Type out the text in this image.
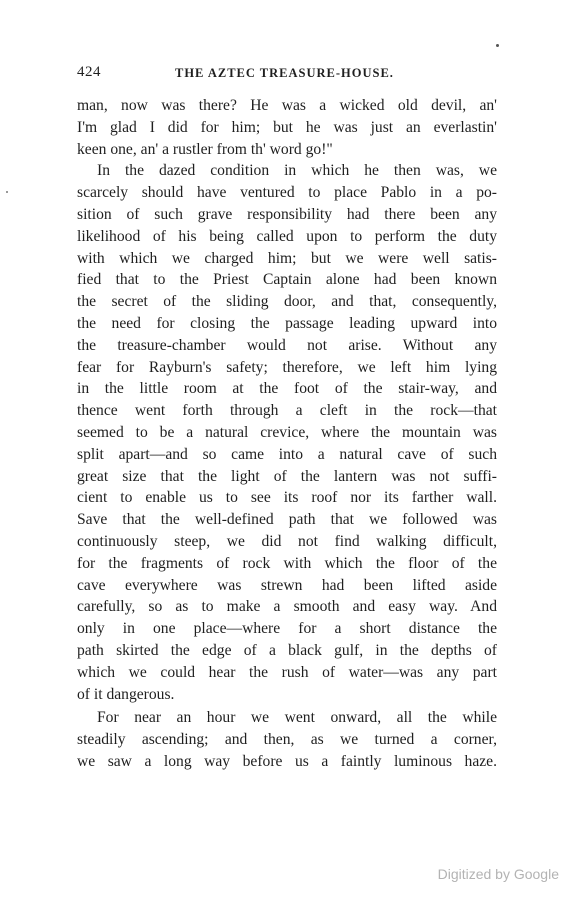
424	THE AZTEC TREASURE-HOUSE.
man, now was there? He was a wicked old devil, an'
I'm glad I did for him; but he was just an everlastin'
keen one, an' a rustler from th' word go!"
In the dazed condition in which he then was, we
scarcely should have ventured to place Pablo in a po-
sition of such grave responsibility had there been any
likelihood of his being called upon to perform the duty
with which we charged him; but we were well satis-
fied that to the Priest Captain alone had been known
the secret of the sliding door, and that, consequently,
the need for closing the passage leading upward into
the treasure-chamber would not arise. Without any
fear for Rayburn's safety; therefore, we left him lying
in the little room at the foot of the stair-way, and
thence went forth through a cleft in the rock—that
seemed to be a natural crevice, where the mountain was
split apart—and so came into a natural cave of such
great size that the light of the lantern was not suffi-
cient to enable us to see its roof nor its farther wall.
Save that the well-defined path that we followed was
continuously steep, we did not find walking difficult,
for the fragments of rock with which the floor of the
cave everywhere was strewn had been lifted aside
carefully, so as to make a smooth and easy way. And
only in one place—where for a short distance the
path skirted the edge of a black gulf, in the depths of
which we could hear the rush of water—was any part
of it dangerous.
For near an hour we went onward, all the while
steadily ascending; and then, as we turned a corner,
we saw a long way before us a faintly luminous haze.
Digitized by Google
